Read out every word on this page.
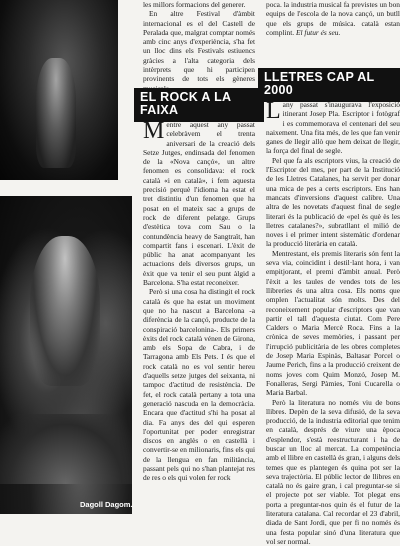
Dagoll Dagom.

les millors formacions del generer.

En altre Festival d'àmbit internacional es el del Castell de Peralada que, malgrat comptar només amb cinc anys d'experiència, s'ha fet un lloc dins els Festivals estiuencs gràcies a l'alta categoria dels intèrprets que hi participen provinents de tots els gèneres

poca. la industria musical fa previstes un bon equips de l'escola de la nova cançó, un butll que els grups de música. català estan complint. El futur és seu.
EL ROCK A LA FAIXA
LLETRES CAP AL 2000

Mentre aquest any passat celebràvem el trenta aniversari de la creació dels Setze Jutges, endinsada del fenomen de la «Nova cançó», un altre fenomen es consolidava: el rock català «i en català», i fem aquesta precisió perquè l'idioma ha estat el tret distintiu d'un fenomen que ha posat en el mateix sac a grups de rock de diferent pelatge. Grups d'estètica tova com Sau o la contundència heavy de Sangtraït, han compartit fans i escenari. L'èxit de públic ha anat acompanyant les actuacions dels diversos grups, un èxit que va tenir el seu punt àlgid a Barcelona. S'ha estat reconeixer.

Però si una cosa ha distingit el rock català és que ha estat un moviment que no ha nascut a Barcelona -a diferència de la cançó, producte de la conspiració barcelonina-. Els primers èxits del rock català vénen de Girona, amb els Sopa de Cabra, i de Tarragona amb Els Pets. I és que el rock català no es vol sentir hereu d'aquells setze jutges del seixanta, ni tampoc d'actitud de resistència. De fet, el rock català pertany a tota una generació nascuda en la democràcia. Encara que d'actitud s'hi ha posat al dia. Fa anys des del qui esperen l'oportunitat per poder enregistrar discos en anglès o en castellà i convertir-se en milionaris, fins els qui de la llengua en fan militància, passant pels qui no s'han plantejat res de res o els qui volen fer rock

Lany passat s'inaugurava l'exposició itinerant Josep Pla. Escriptor i fotògraf i es commemorava el centenari del seu naixement. Una fita més, de les que fan venir ganes de llegir allò que hem deixat de llegir, la força del final de segle.

Pel que fa als escriptors vius, la creació de l'Escriptor del mes, per part de la Institució de les Lletres Catalanes, ha servit per donar una mica de pes a certs escriptors. Ens han mancats d'inversions d'aquest calibre. Una altra de les novetats d'aquest final de segle literari és la publicació de «pel ès què ès les lletres catalanes?», subratllant el milió de noves i el primer intent sistemàtic d'ordenar la producció literària en català.

Mentrestant, els premis literaris són fent la seva via, coincidint i destil·lant hora, i van empitjorant, el premi d'àmbit anual. Però l'èxit a les taules de vendes tots de les llibreries és una altra cosa. Els noms que omplen l'actualitat són molts. Des del reconeixement popular d'escriptors que van partir el tall d'aquesta ciutat. Com Pere Calders o Maria Mercè Roca. Fins a la crònica de seves memòries, i passant per l'irrupció publicitària de les obres completes de Josep Maria Espinàs, Baltasar Porcel o Jaume Perich, fins a la producció creixent de noms joves com Quim Monzó, Josep M. Fonalleras, Sergi Pàmies, Toni Cucarella o Maria Barbal.

Però la literatura no només viu de bons llibres. Depèn de la seva difusió, de la seva producció, de la industria editorial que tenim en català, després de viure una època d'esplendor, s'està reestructurant i ha de buscar un lloc al mercat. La competència amb el llibre en castellà és gran, i alguns dels temes que es plantegen és quina pot ser la seva trajectòria. El públic lector de llibres en català no és gaire gran, i cal preguntar-se si el projecte pot ser viable. Tot plegat ens porta a preguntar-nos quin és el futur de la literatura catalana. Cal recordar el 23 d'abril, diada de Sant Jordi, que per fi no només és una festa popular sinó d'una literatura que vol ser normal.
